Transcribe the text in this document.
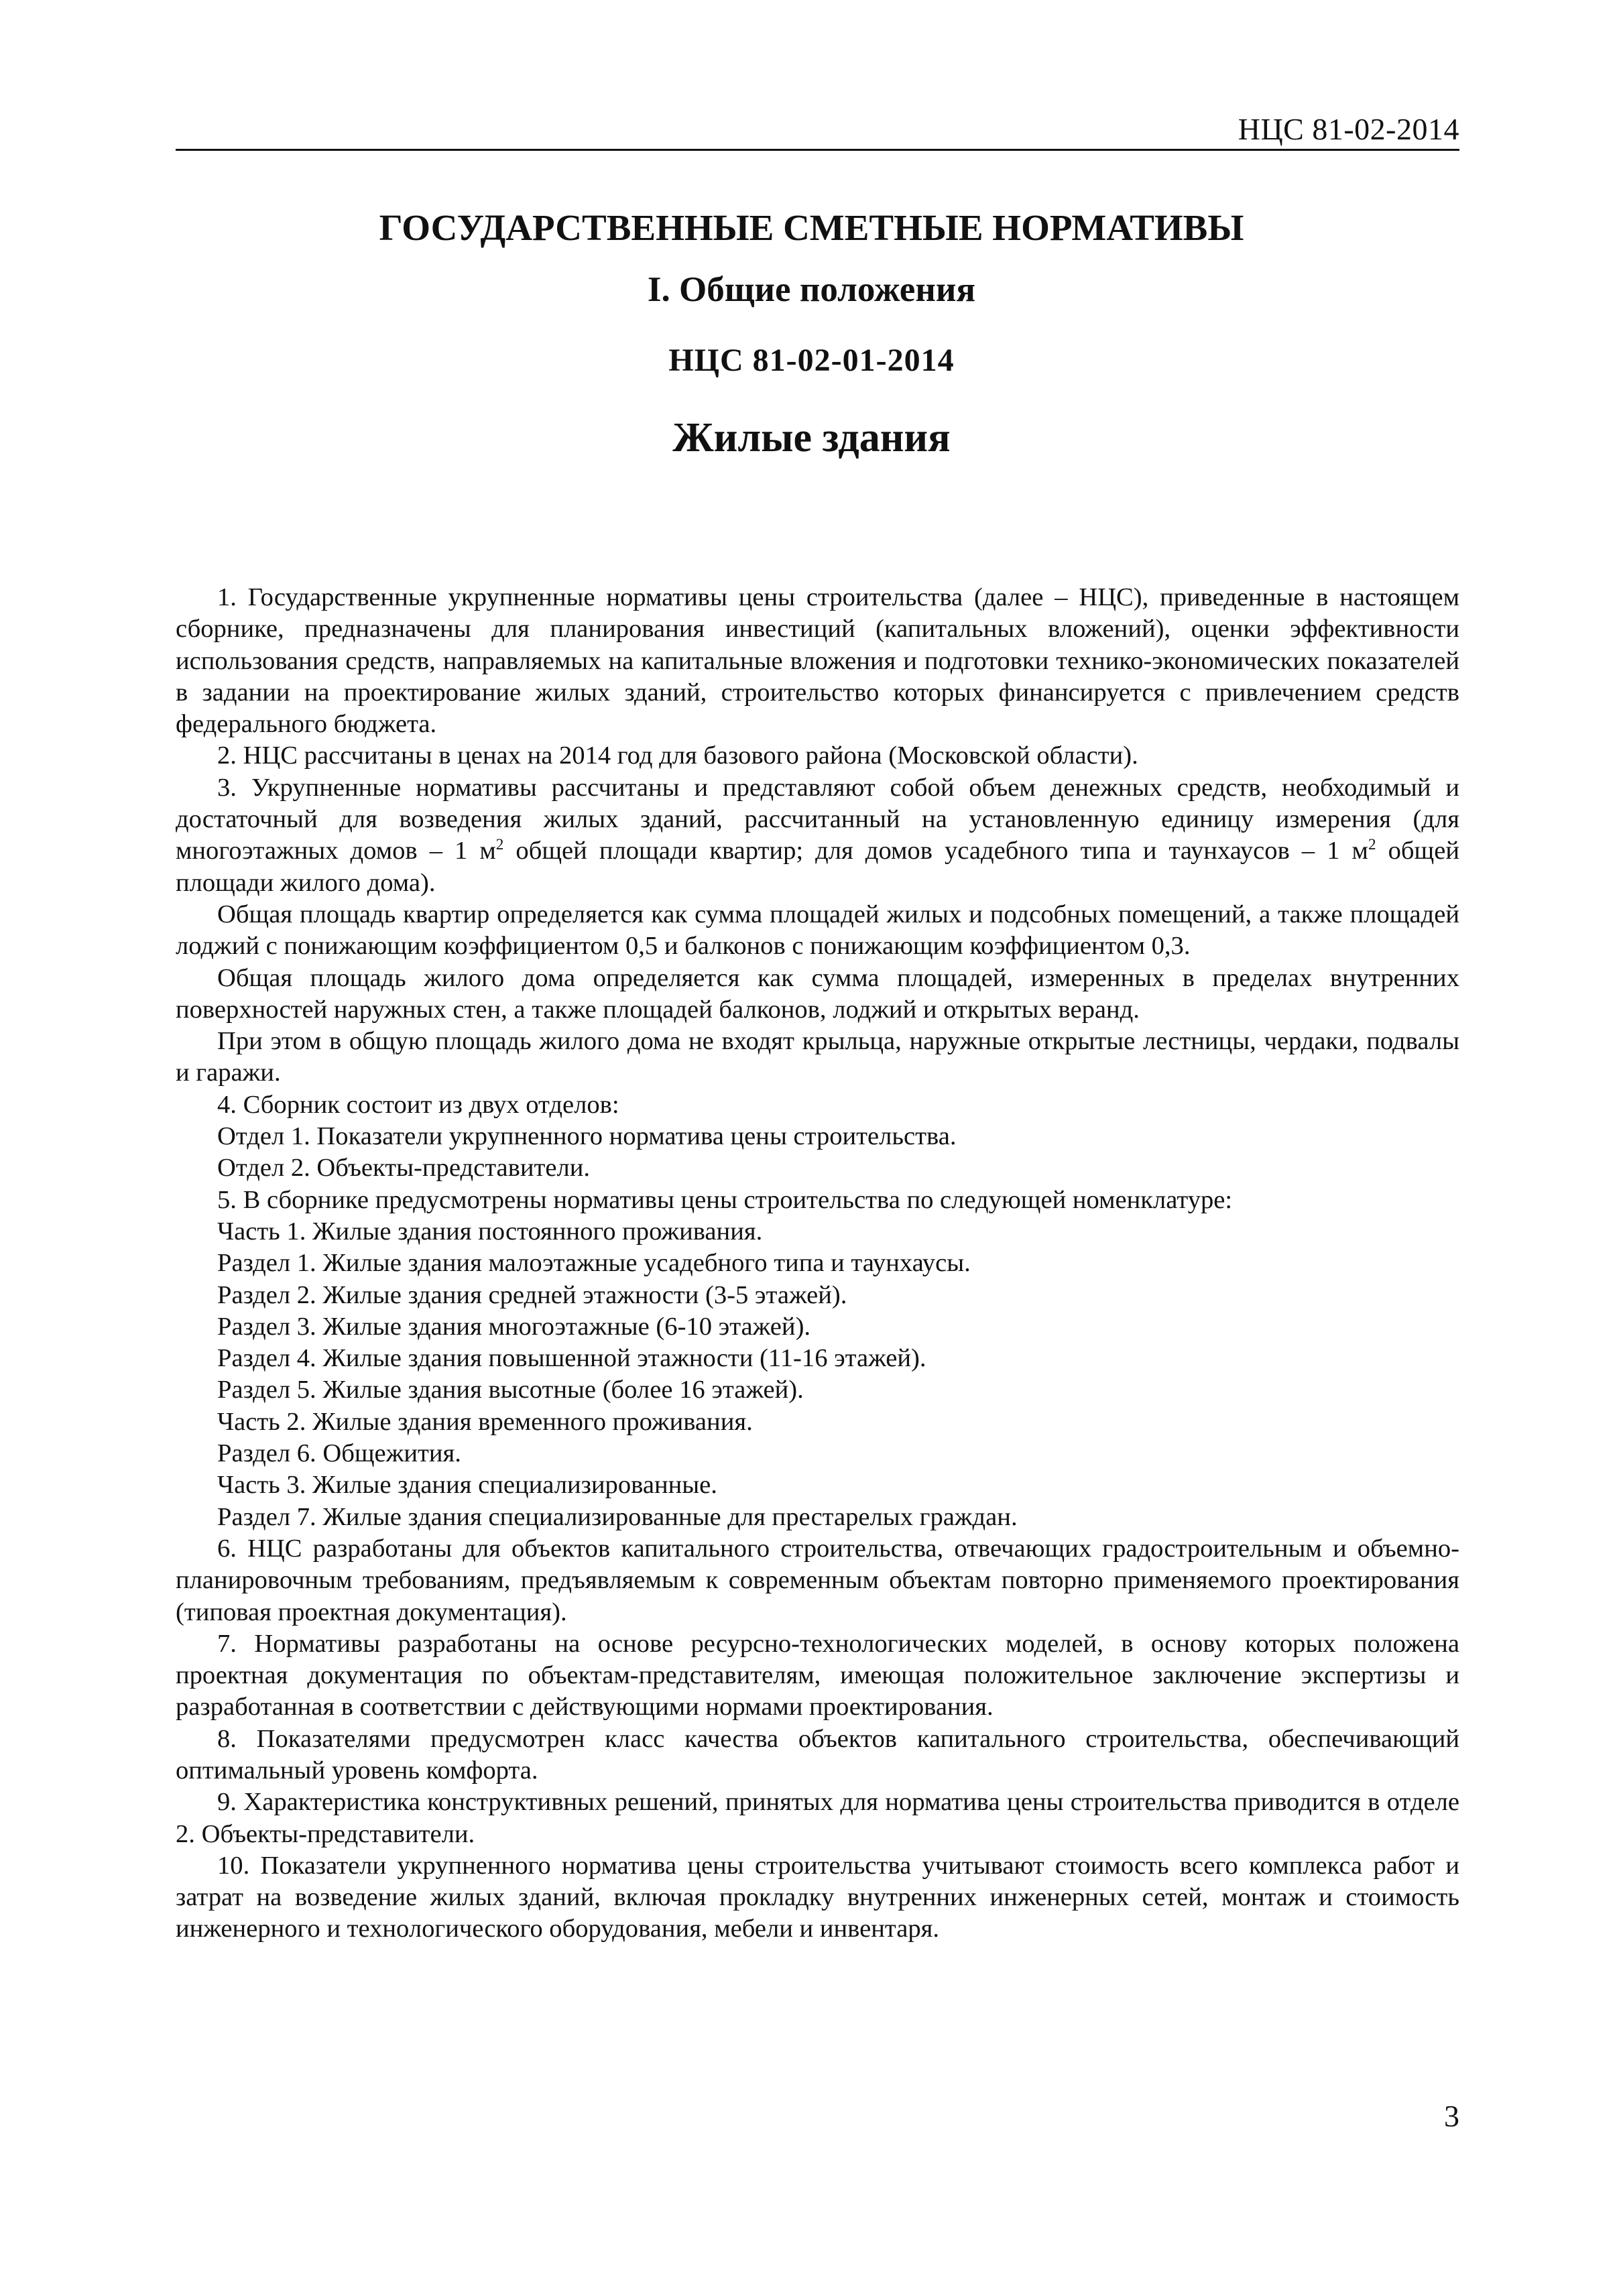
НЦС 81-02-2014
ГОСУДАРСТВЕННЫЕ СМЕТНЫЕ НОРМАТИВЫ
I. Общие положения
НЦС 81-02-01-2014
Жилые здания

1. Государственные укрупненные нормативы цены строительства (далее – НЦС), приведенные в настоящем сборнике, предназначены для планирования инвестиций (капитальных вложений), оценки эффективности использования средств, направляемых на капитальные вложения и подготовки технико-экономических показателей в задании на проектирование жилых зданий, строительство которых финансируется с привлечением средств федерального бюджета.

2. НЦС рассчитаны в ценах на 2014 год для базового района (Московской области).

3. Укрупненные нормативы рассчитаны и представляют собой объем денежных средств, необходимый и достаточный для возведения жилых зданий, рассчитанный на установленную единицу измерения (для многоэтажных домов – 1 $м^2$ общей площади квартир; для домов усадебного типа и таунхаусов – 1 $м^2$ общей площади жилого дома).

Общая площадь квартир определяется как сумма площадей жилых и подсобных помещений, а также площадей лоджий с понижающим коэффициентом 0,5 и балконов с понижающим коэффициентом 0,3.

Общая площадь жилого дома определяется как сумма площадей, измеренных в пределах внутренних поверхностей наружных стен, а также площадей балконов, лоджий и открытых веранд.

При этом в общую площадь жилого дома не входят крыльца, наружные открытые лестницы, чердаки, подвалы и гаражи.

4. Сборник состоит из двух отделов:

Отдел 1. Показатели укрупненного норматива цены строительства.

Отдел 2. Объекты-представители.

5. В сборнике предусмотрены нормативы цены строительства по следующей номенклатуре:

Часть 1. Жилые здания постоянного проживания.

Раздел 1. Жилые здания малоэтажные усадебного типа и таунхаусы.

Раздел 2. Жилые здания средней этажности (3-5 этажей).

Раздел 3. Жилые здания многоэтажные (6-10 этажей).

Раздел 4. Жилые здания повышенной этажности (11-16 этажей).

Раздел 5. Жилые здания высотные (более 16 этажей).

Часть 2. Жилые здания временного проживания.

Раздел 6. Общежития.

Часть 3. Жилые здания специализированные.

Раздел 7. Жилые здания специализированные для престарелых граждан.

6. НЦС разработаны для объектов капитального строительства, отвечающих градостроительным и объемно-планировочным требованиям, предъявляемым к современным объектам повторно применяемого проектирования (типовая проектная документация).

7. Нормативы разработаны на основе ресурсно-технологических моделей, в основу которых положена проектная документация по объектам-представителям, имеющая положительное заключение экспертизы и разработанная в соответствии с действующими нормами проектирования.

8. Показателями предусмотрен класс качества объектов капитального строительства, обеспечивающий оптимальный уровень комфорта.

9. Характеристика конструктивных решений, принятых для норматива цены строительства приводится в отделе 2. Объекты-представители.

10. Показатели укрупненного норматива цены строительства учитывают стоимость всего комплекса работ и затрат на возведение жилых зданий, включая прокладку внутренних инженерных сетей, монтаж и стоимость инженерного и технологического оборудования, мебели и инвентаря.

3
